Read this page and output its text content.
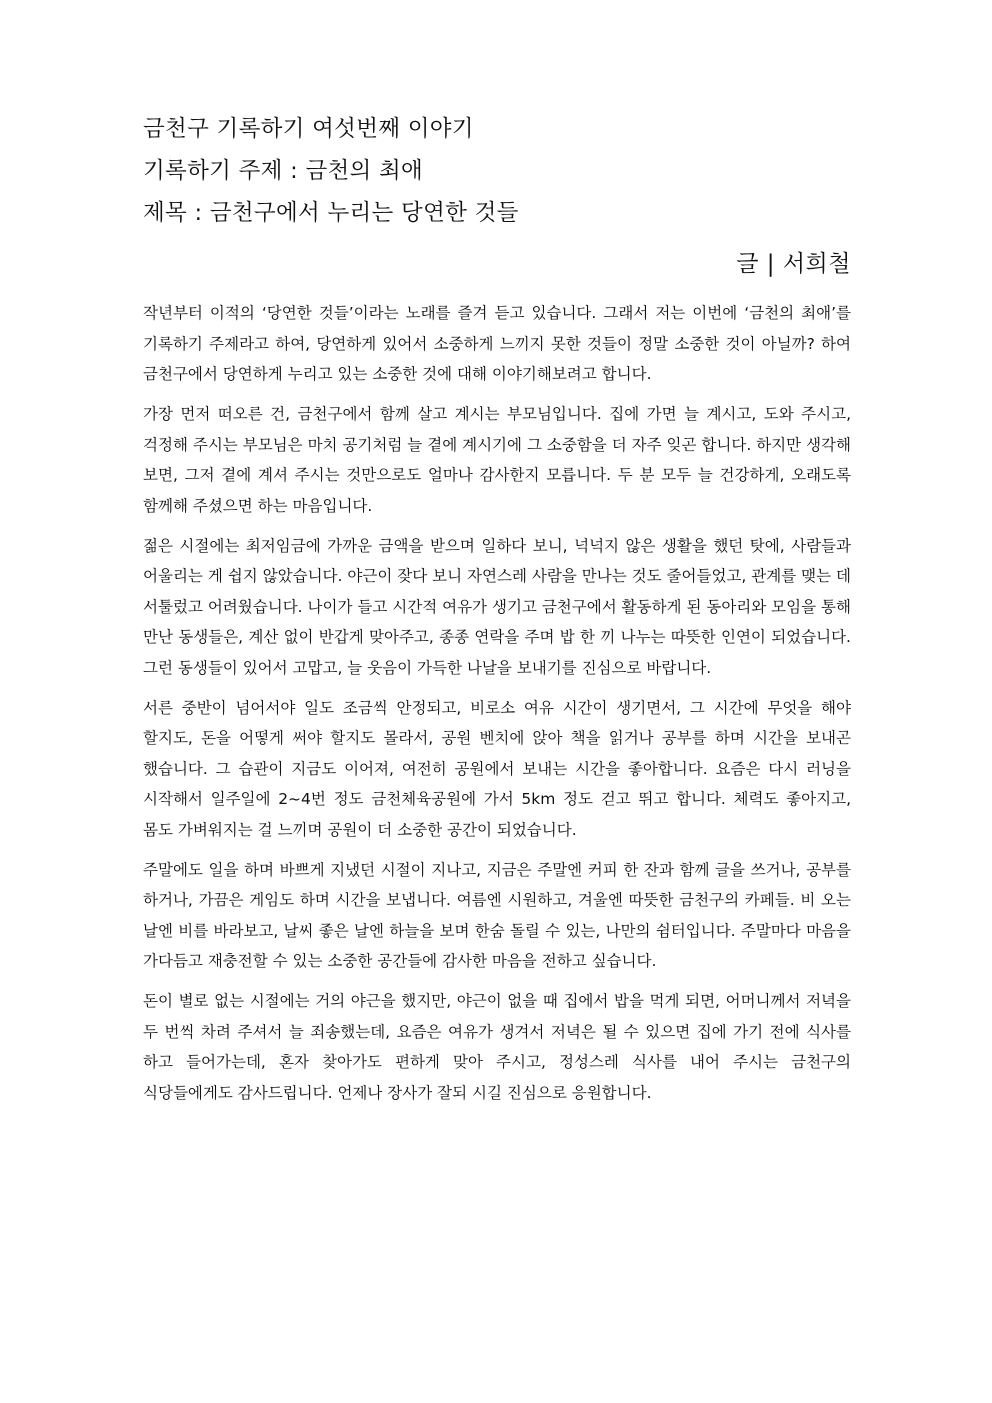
금천구 기록하기 여섯번째 이야기
기록하기 주제 : 금천의 최애
제목 : 금천구에서 누리는 당연한 것들
글 | 서희철

작년부터 이적의 ‘당연한 것들’이라는 노래를 즐겨 듣고 있습니다. 그래서 저는 이번에 ‘금천의 최애’를 기록하기 주제라고 하여, 당연하게 있어서 소중하게 느끼지 못한 것들이 정말 소중한 것이 아닐까? 하여 금천구에서 당연하게 누리고 있는 소중한 것에 대해 이야기해보려고 합니다.

가장 먼저 떠오른 건, 금천구에서 함께 살고 계시는 부모님입니다. 집에 가면 늘 계시고, 도와 주시고, 걱정해 주시는 부모님은 마치 공기처럼 늘 곁에 계시기에 그 소중함을 더 자주 잊곤 합니다. 하지만 생각해 보면, 그저 곁에 계셔 주시는 것만으로도 얼마나 감사한지 모릅니다. 두 분 모두 늘 건강하게, 오래도록 함께해 주셨으면 하는 마음입니다.

젊은 시절에는 최저임금에 가까운 금액을 받으며 일하다 보니, 넉넉지 않은 생활을 했던 탓에, 사람들과 어울리는 게 쉽지 않았습니다. 야근이 잦다 보니 자연스레 사람을 만나는 것도 줄어들었고, 관계를 맺는 데 서툴렀고 어려웠습니다. 나이가 들고 시간적 여유가 생기고 금천구에서 활동하게 된 동아리와 모임을 통해 만난 동생들은, 계산 없이 반갑게 맞아주고, 종종 연락을 주며 밥 한 끼 나누는 따뜻한 인연이 되었습니다. 그런 동생들이 있어서 고맙고, 늘 웃음이 가득한 나날을 보내기를 진심으로 바랍니다.

서른 중반이 넘어서야 일도 조금씩 안정되고, 비로소 여유 시간이 생기면서, 그 시간에 무엇을 해야 할지도, 돈을 어떻게 써야 할지도 몰라서, 공원 벤치에 앉아 책을 읽거나 공부를 하며 시간을 보내곤 했습니다. 그 습관이 지금도 이어져, 여전히 공원에서 보내는 시간을 좋아합니다. 요즘은 다시 러닝을 시작해서 일주일에 2~4번 정도 금천체육공원에 가서 5km 정도 걷고 뛰고 합니다. 체력도 좋아지고, 몸도 가벼워지는 걸 느끼며 공원이 더 소중한 공간이 되었습니다.

주말에도 일을 하며 바쁘게 지냈던 시절이 지나고, 지금은 주말엔 커피 한 잔과 함께 글을 쓰거나, 공부를 하거나, 가끔은 게임도 하며 시간을 보냅니다. 여름엔 시원하고, 겨울엔 따뜻한 금천구의 카페들. 비 오는 날엔 비를 바라보고, 날씨 좋은 날엔 하늘을 보며 한숨 돌릴 수 있는, 나만의 쉼터입니다. 주말마다 마음을 가다듬고 재충전할 수 있는 소중한 공간들에 감사한 마음을 전하고 싶습니다.

돈이 별로 없는 시절에는 거의 야근을 했지만, 야근이 없을 때 집에서 밥을 먹게 되면, 어머니께서 저녁을 두 번씩 차려 주셔서 늘 죄송했는데, 요즘은 여유가 생겨서 저녁은 될 수 있으면 집에 가기 전에 식사를 하고 들어가는데, 혼자 찾아가도 편하게 맞아 주시고, 정성스레 식사를 내어 주시는 금천구의 식당들에게도 감사드립니다. 언제나 장사가 잘되 시길 진심으로 응원합니다.
